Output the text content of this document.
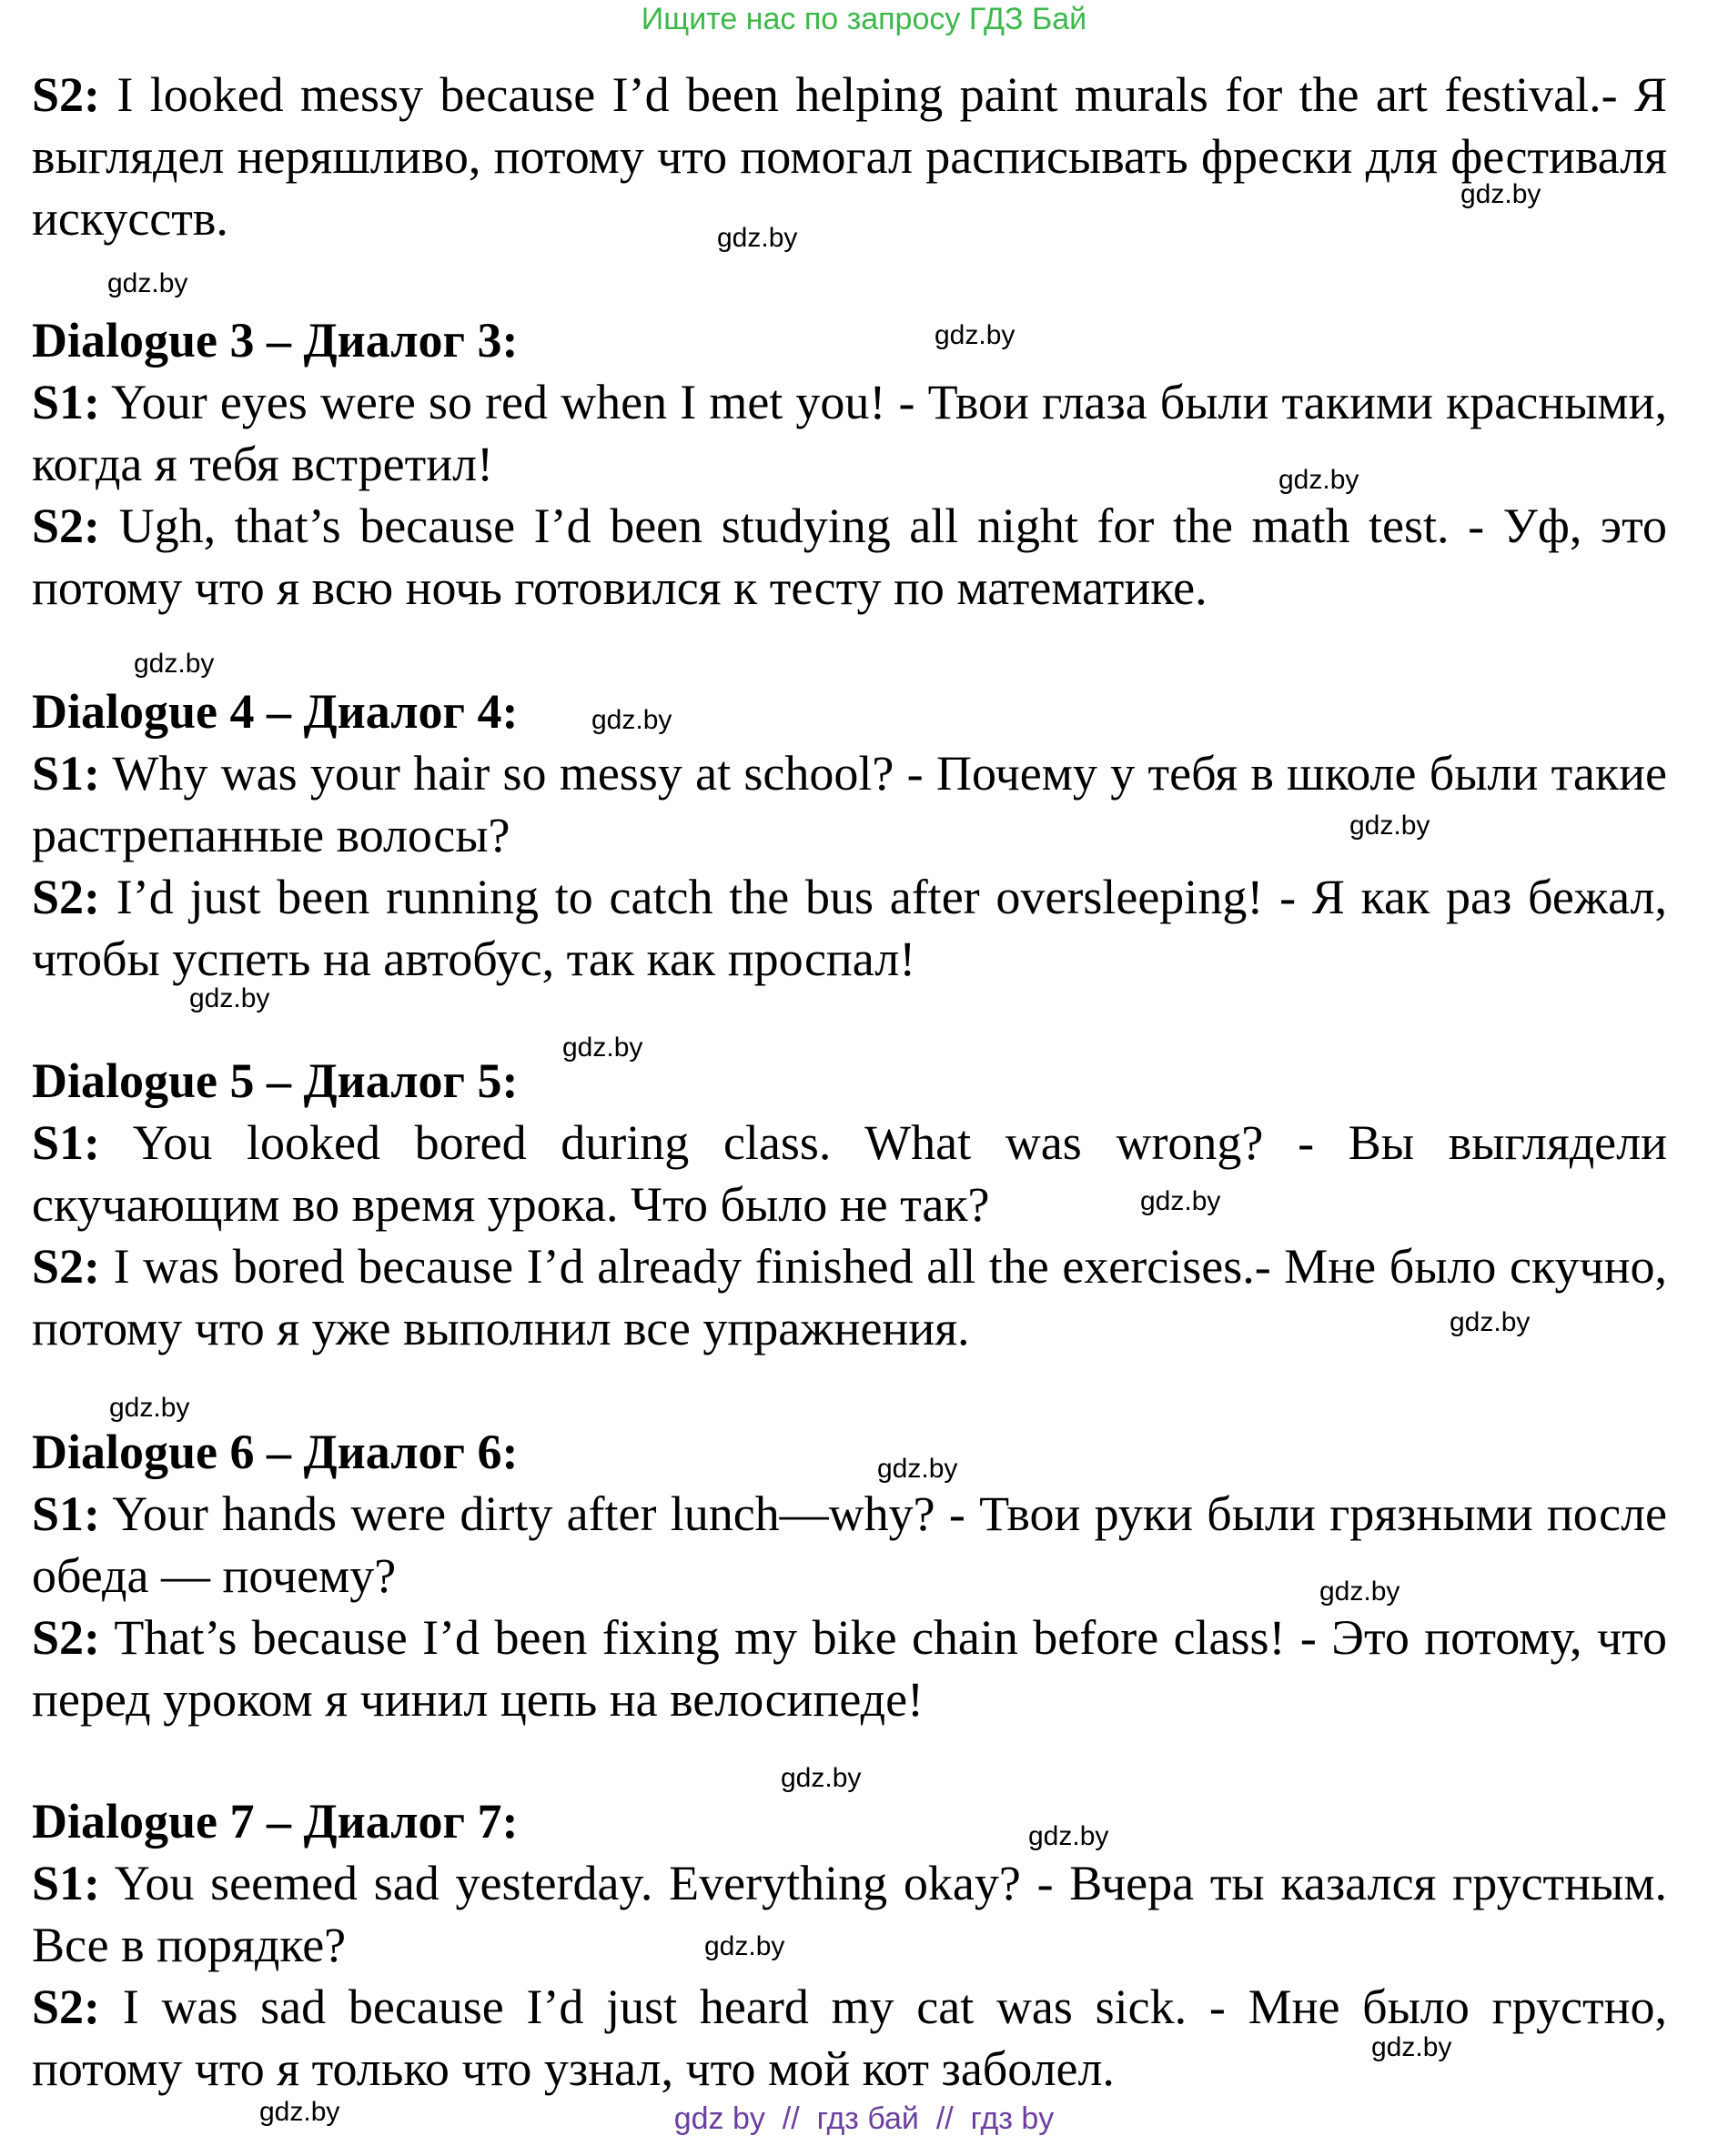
Ищите нас по запросу ГДЗ Бай

S2: I looked messy because I’d been helping paint murals for the art festival.- Я выглядел неряшливо, потому что помогал расписывать фрески для фестиваля искусств.

Dialogue 3 – Диалог 3:

S1: Your eyes were so red when I met you! - Твои глаза были такими красными, когда я тебя встретил!

S2: Ugh, that’s because I’d been studying all night for the math test. - Уф, это потому что я всю ночь готовился к тесту по математике.

Dialogue 4 – Диалог 4:

S1: Why was your hair so messy at school? - Почему у тебя в школе были такие растрепанные волосы?

S2: I’d just been running to catch the bus after oversleeping! - Я как раз бежал, чтобы успеть на автобус, так как проспал!

Dialogue 5 – Диалог 5:

S1: You looked bored during class. What was wrong? - Вы выглядели скучающим во время урока. Что было не так?

S2: I was bored because I’d already finished all the exercises.- Мне было скучно, потому что я уже выполнил все упражнения.

Dialogue 6 – Диалог 6:

S1: Your hands were dirty after lunch—why? - Твои руки были грязными после обеда — почему?

S2: That’s because I’d been fixing my bike chain before class! - Это потому, что перед уроком я чинил цепь на велосипеде!

Dialogue 7 – Диалог 7:

S1: You seemed sad yesterday. Everything okay? - Вчера ты казался грустным. Все в порядке?

S2: I was sad because I’d just heard my cat was sick. - Мне было грустно, потому что я только что узнал, что мой кот заболел.

gdz.by
gdz.by
gdz.by
gdz.by
gdz.by
gdz.by
gdz.by
gdz.by
gdz.by
gdz.by
gdz.by
gdz.by
gdz.by
gdz.by
gdz.by
gdz.by
gdz.by
gdz.by
gdz.by
gdz.by	gdz by  //  гдз бай  //  гдз by
